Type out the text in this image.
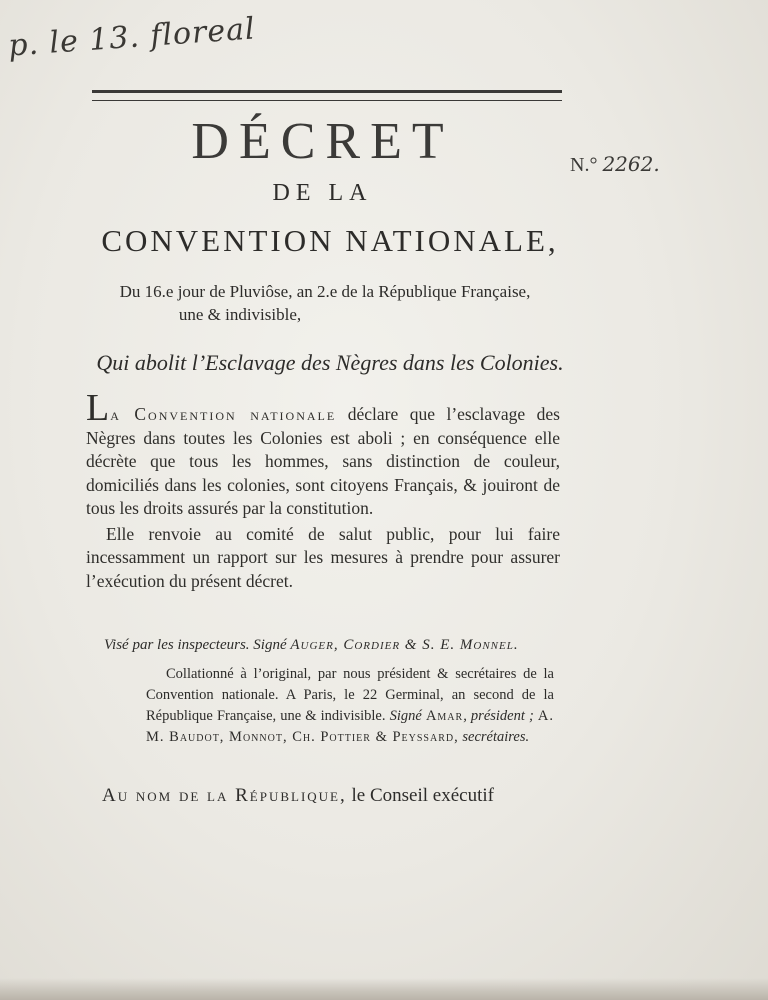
p. le 13. floreal
DÉCRET	N.° 2262.
DE LA
CONVENTION NATIONALE,
Du 16.e jour de Pluviôse, an 2.e de la République Française,
une & indivisible,
Qui abolit l’Esclavage des Nègres dans les Colonies.

La Convention nationale déclare que l’esclavage des Nègres dans toutes les Colonies est aboli ; en conséquence elle décrète que tous les hommes, sans distinction de couleur, domiciliés dans les colonies, sont citoyens Français, & jouiront de tous les droits assurés par la constitution.

Elle renvoie au comité de salut public, pour lui faire incessamment un rapport sur les mesures à prendre pour assurer l’exécution du présent décret.

Visé par les inspecteurs. Signé Auger, Cordier & S. E. Monnel.
Collationné à l’original, par nous président & secrétaires de la Convention nationale. A Paris, le 22 Germinal, an second de la République Française, une & indivisible. Signé Amar, président ; A. M. Baudot, Monnot, Ch. Pottier & Peyssard, secrétaires.
Au nom de la République, le Conseil exécutif
